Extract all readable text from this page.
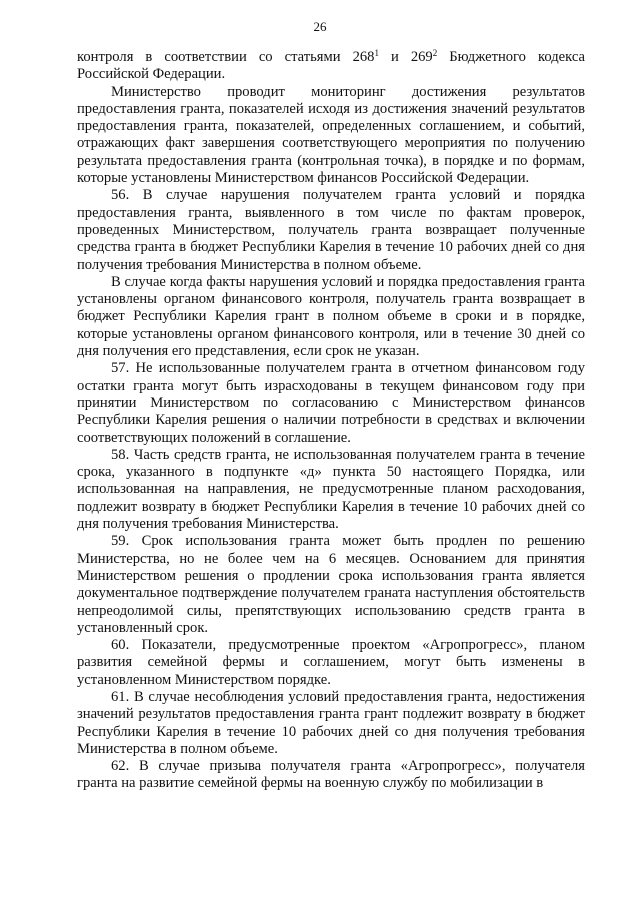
26

контроля в соответствии со статьями $268^1$ и $269^2$ Бюджетного кодекса Российской Федерации.

Министерство проводит мониторинг достижения результатов предоставления гранта, показателей исходя из достижения значений результатов предоставления гранта, показателей, определенных соглашением, и событий, отражающих факт завершения соответствующего мероприятия по получению результата предоставления гранта (контрольная точка), в порядке и по формам, которые установлены Министерством финансов Российской Федерации.

56. В случае нарушения получателем гранта условий и порядка предоставления гранта, выявленного в том числе по фактам проверок, проведенных Министерством, получатель гранта возвращает полученные средства гранта в бюджет Республики Карелия в течение 10 рабочих дней со дня получения требования Министерства в полном объеме.

В случае когда факты нарушения условий и порядка предоставления гранта установлены органом финансового контроля, получатель гранта возвращает в бюджет Республики Карелия грант в полном объеме в сроки и в порядке, которые установлены органом финансового контроля, или в течение 30 дней со дня получения его представления, если срок не указан.

57. Не использованные получателем гранта в отчетном финансовом году остатки гранта могут быть израсходованы в текущем финансовом году при принятии Министерством по согласованию с Министерством финансов Республики Карелия решения о наличии потребности в средствах и включении соответствующих положений в соглашение.

58. Часть средств гранта, не использованная получателем гранта в течение срока, указанного в подпункте «д» пункта 50 настоящего Порядка, или использованная на направления, не предусмотренные планом расходования, подлежит возврату в бюджет Республики Карелия в течение 10 рабочих дней со дня получения требования Министерства.

59. Срок использования гранта может быть продлен по решению Министерства, но не более чем на 6 месяцев. Основанием для принятия Министерством решения о продлении срока использования гранта является документальное подтверждение получателем граната наступления обстоятельств непреодолимой силы, препятствующих использованию средств гранта в установленный срок.

60. Показатели, предусмотренные проектом «Агропрогресс», планом развития семейной фермы и соглашением, могут быть изменены в установленном Министерством порядке.

61. В случае несоблюдения условий предоставления гранта, недостижения значений результатов предоставления гранта грант подлежит возврату в бюджет Республики Карелия в течение 10 рабочих дней со дня получения требования Министерства в полном объеме.

62. В случае призыва получателя гранта «Агропрогресс», получателя гранта на развитие семейной фермы на военную службу по мобилизации в
